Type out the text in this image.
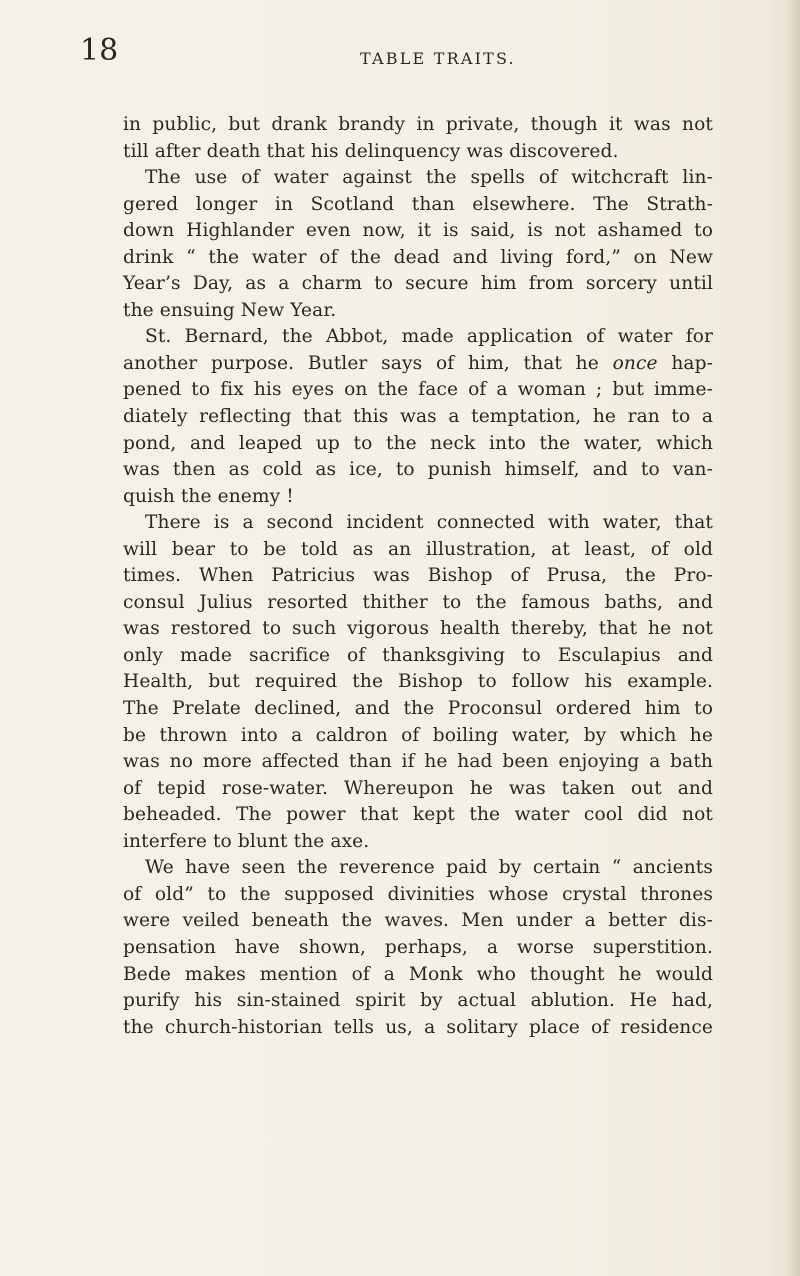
18	TABLE TRAITS.

in public, but drank brandy in private, though it was not
till after death that his delinquency was discovered.
The use of water against the spells of witchcraft lin-
gered longer in Scotland than elsewhere. The Strath-
down Highlander even now, it is said, is not ashamed to
drink “ the water of the dead and living ford,” on New
Year’s Day, as a charm to secure him from sorcery until
the ensuing New Year.
St. Bernard, the Abbot, made application of water for
another purpose. Butler says of him, that he once hap-
pened to fix his eyes on the face of a woman ; but imme-
diately reflecting that this was a temptation, he ran to a
pond, and leaped up to the neck into the water, which
was then as cold as ice, to punish himself, and to van-
quish the enemy !
There is a second incident connected with water, that
will bear to be told as an illustration, at least, of old
times. When Patricius was Bishop of Prusa, the Pro-
consul Julius resorted thither to the famous baths, and
was restored to such vigorous health thereby, that he not
only made sacrifice of thanksgiving to Esculapius and
Health, but required the Bishop to follow his example.
The Prelate declined, and the Proconsul ordered him to
be thrown into a caldron of boiling water, by which he
was no more affected than if he had been enjoying a bath
of tepid rose-water. Whereupon he was taken out and
beheaded. The power that kept the water cool did not
interfere to blunt the axe.
We have seen the reverence paid by certain “ ancients
of old” to the supposed divinities whose crystal thrones
were veiled beneath the waves. Men under a better dis-
pensation have shown, perhaps, a worse superstition.
Bede makes mention of a Monk who thought he would
purify his sin-stained spirit by actual ablution. He had,
the church-historian tells us, a solitary place of residence
